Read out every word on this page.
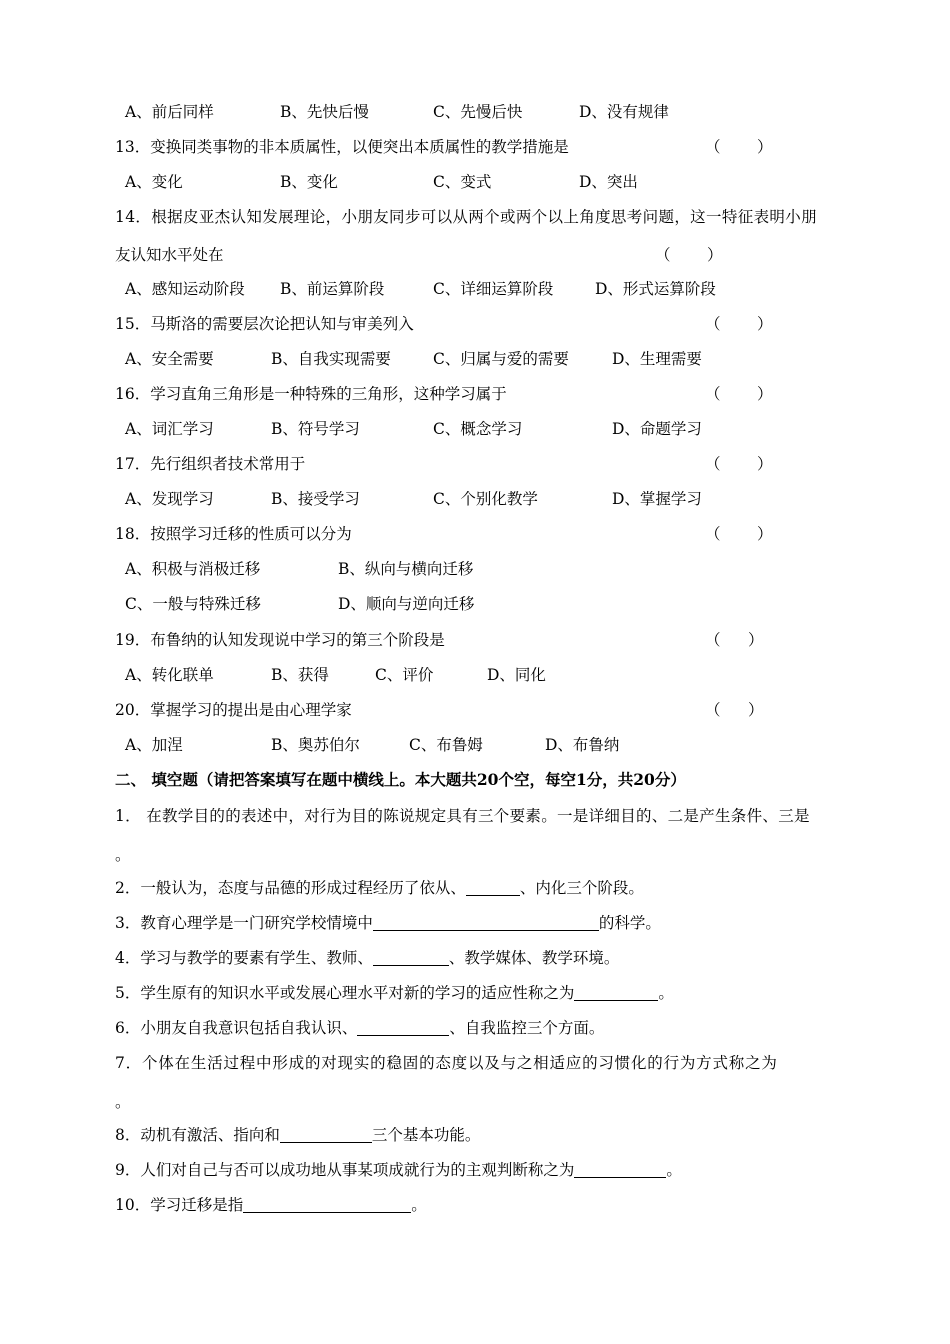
A、前后同样	B、先快后慢	C、先慢后快	D、没有规律
13．变换同类事物的非本质属性，以便突出本质属性的教学措施是	（ ）
A、变化	B、变化	C、变式	D、突出
14．根据皮亚杰认知发展理论，小朋友同步可以从两个或两个以上角度思考问题，这一特征表明小朋
友认知水平处在	（ ）
A、感知运动阶段 B、前运算阶段	C、详细运算阶段	D、形式运算阶段
15．马斯洛的需要层次论把认知与审美列入	（ ）
A、安全需要	B、自我实现需要	C、归属与爱的需要	D、生理需要
16．学习直角三角形是一种特殊的三角形，这种学习属于	（ ）
A、词汇学习	B、符号学习	C、概念学习	D、命题学习
17．先行组织者技术常用于	（ ）
A、发现学习	B、接受学习	C、个别化教学	D、掌握学习
18．按照学习迁移的性质可以分为	（ ）
A、积极与消极迁移	B、纵向与横向迁移
C、一般与特殊迁移	D、顺向与逆向迁移
19．布鲁纳的认知发现说中学习的第三个阶段是	（ ）
A、转化联单	B、获得	C、评价	D、同化
20．掌握学习的提出是由心理学家	（ ）
A、加涅	B、奥苏伯尔	C、布鲁姆	D、布鲁纳
二、 填空题（请把答案填写在题中横线上。本大题共20个空，每空1分，共20分）
1． 在教学目的的表述中，对行为目的陈说规定具有三个要素。一是详细目的、二是产生条件、三是
。
2．一般认为，态度与品德的形成过程经历了依从、	、内化三个阶段。
3．教育心理学是一门研究学校情境中	的科学。
4．学习与教学的要素有学生、教师、	、教学媒体、教学环境。
5．学生原有的知识水平或发展心理水平对新的学习的适应性称之为	。
6．小朋友自我意识包括自我认识、	、自我监控三个方面。
7．个体在生活过程中形成的对现实的稳固的态度以及与之相适应的习惯化的行为方式称之为
。
8．动机有激活、指向和	三个基本功能。
9．人们对自己与否可以成功地从事某项成就行为的主观判断称之为	。
10．学习迁移是指	。
